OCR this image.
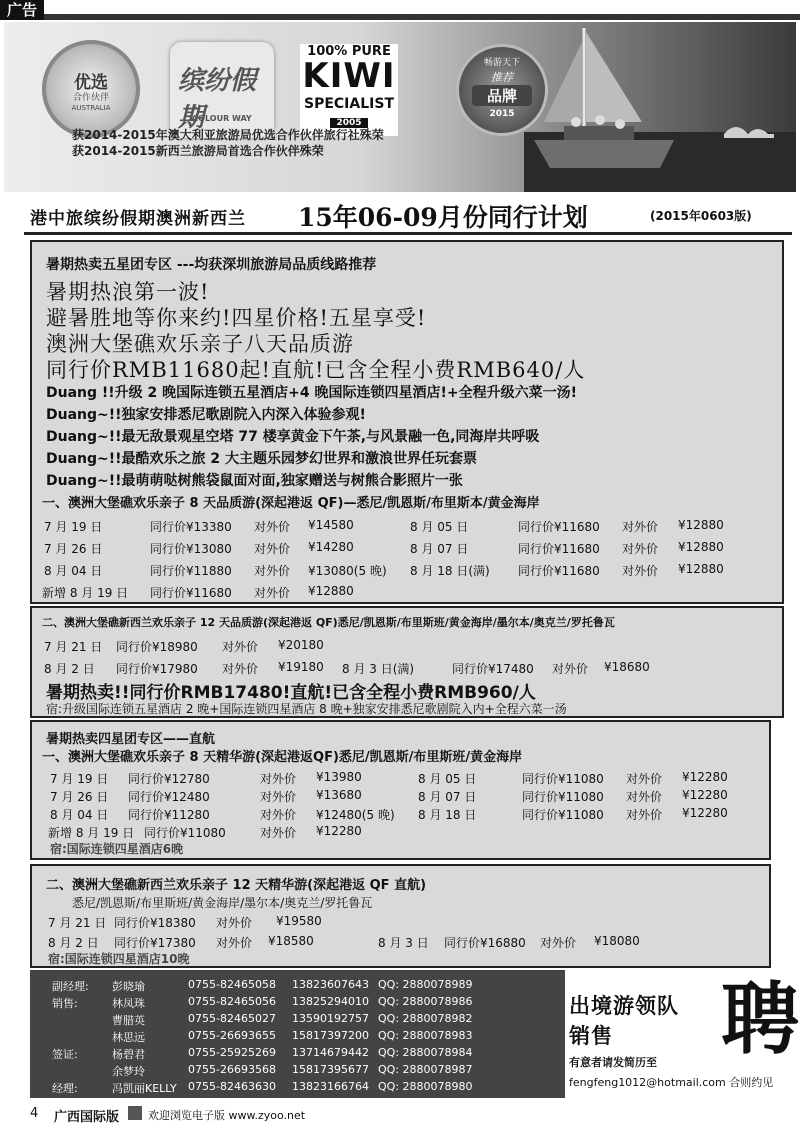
广告
优选
合作伙伴
AUSTRALIA
缤纷假期
COLOUR WAY
100% PURE
KIWI
SPECIALIST
2005
畅游天下
推荐
品牌
2015
获2014-2015年澳大利亚旅游局优选合作伙伴旅行社殊荣
获2014-2015新西兰旅游局首选合作伙伴殊荣
港中旅缤纷假期澳洲新西兰 15年06-09月份同行计划	(2015年0603版)
暑期热卖五星团专区 ---均获深圳旅游局品质线路推荐
暑期热浪第一波!
避暑胜地等你来约!四星价格!五星享受!
澳洲大堡礁欢乐亲子八天品质游
同行价RMB11680起!直航!已含全程小费RMB640/人
Duang !!升级 2 晚国际连锁五星酒店+4 晚国际连锁四星酒店!+全程升级六菜一汤!
Duang~!!独家安排悉尼歌剧院入内深入体验参观!
Duang~!!最无敌景观星空塔 77 楼享黄金下午茶,与风景融一色,同海岸共呼吸
Duang~!!最酷欢乐之旅 2 大主题乐园梦幻世界和激浪世界任玩套票
Duang~!!最萌萌哒树熊袋鼠面对面,独家赠送与树熊合影照片一张
一、澳洲大堡礁欢乐亲子 8 天品质游(深起港返 QF)—悉尼/凯恩斯/布里斯本/黄金海岸
7 月 19 日	同行价¥13380 对外价 ¥14580	8 月 05 日	同行价¥11680 对外价 ¥12880
7 月 26 日	同行价¥13080 对外价 ¥14280	8 月 07 日	同行价¥11680 对外价 ¥12880
8 月 04 日	同行价¥11880 对外价 ¥13080(5 晚) 8 月 18 日(满) 同行价¥11680 对外价 ¥12880
新增 8 月 19 日 同行价¥11680 对外价 ¥12880
二、澳洲大堡礁新西兰欢乐亲子 12 天品质游(深起港返 QF)悉尼/凯恩斯/布里斯班/黄金海岸/墨尔本/奥克兰/罗托鲁瓦
7 月 21 日 同行价¥18980 对外价 ¥20180
8 月 2 日 同行价¥17980 对外价 ¥19180 8 月 3 日(满)	同行价¥17480 对外价 ¥18680
暑期热卖!!同行价RMB17480!直航!已含全程小费RMB960/人
宿:升级国际连锁五星酒店 2 晚+国际连锁四星酒店 8 晚+独家安排悉尼歌剧院入内+全程六菜一汤
暑期热卖四星团专区——直航
一、澳洲大堡礁欢乐亲子 8 天精华游(深起港返QF)悉尼/凯恩斯/布里斯班/黄金海岸
7 月 19 日 同行价¥12780	对外价 ¥13980	8 月 05 日	同行价¥11080 对外价 ¥12280
7 月 26 日 同行价¥12480	对外价 ¥13680	8 月 07 日	同行价¥11080 对外价 ¥12280
8 月 04 日 同行价¥11280	对外价 ¥12480(5 晚) 8 月 18 日	同行价¥11080 对外价 ¥12280
新增 8 月 19 日 同行价¥11080	对外价 ¥12280
宿:国际连锁四星酒店6晚
二、澳洲大堡礁新西兰欢乐亲子 12 天精华游(深起港返 QF 直航)
悉尼/凯恩斯/布里斯班/黄金海岸/墨尔本/奥克兰/罗托鲁瓦
7 月 21 日 同行价¥18380 对外价 ¥19580
8 月 2 日 同行价¥17380 对外价 ¥18580	8 月 3 日 同行价¥16880 对外价 ¥18080
宿:国际连锁四星酒店10晚
副经理: 彭晓瑜	0755-82465058 13823607643 QQ: 2880078989
销售:	林凤珠	0755-82465056 13825294010 QQ: 2880078986
曹腊英	0755-82465027 13590192757 QQ: 2880078982
林思远	0755-26693655 15817397200 QQ: 2880078983
签证:	杨碧君	0755-25925269 13714679442 QQ: 2880078984
余梦玲	0755-26693568 15817395677 QQ: 2880078987
经理:	冯凯丽KELLY 0755-82463630 13823166764 QQ: 2880078980
出境游领队
销售 聘
有意者请发简历至
fengfeng1012@hotmail.com 合则约见
4 广西国际版	欢迎浏览电子版 www.zyoo.net
